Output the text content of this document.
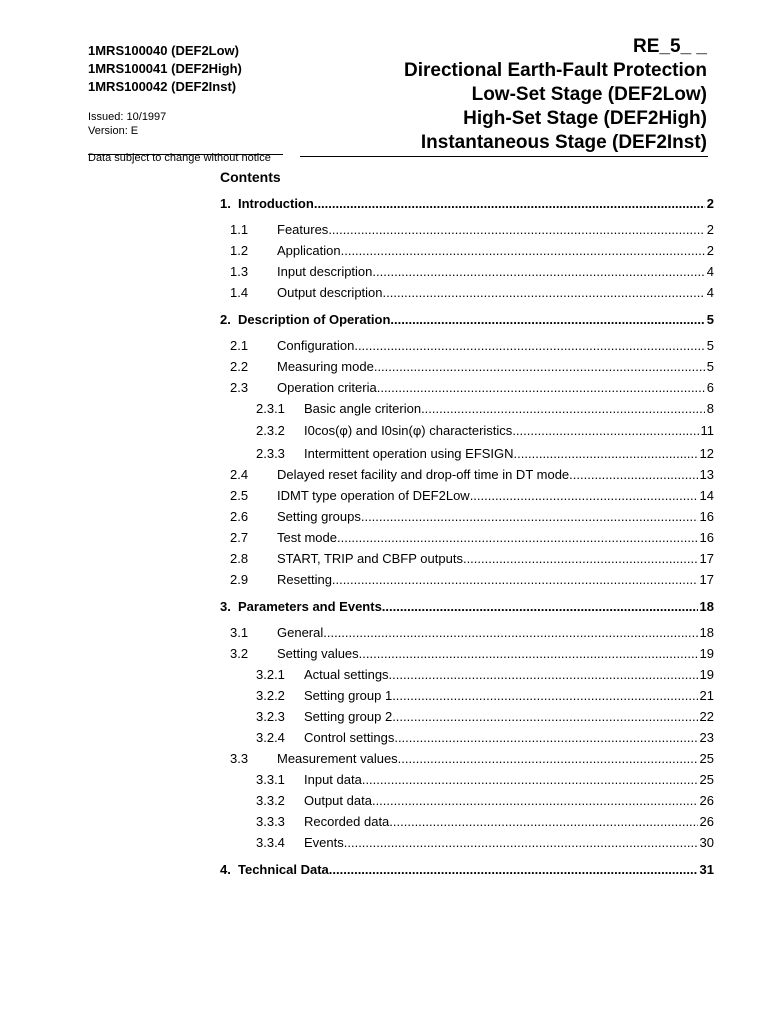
1MRS100040 (DEF2Low)
1MRS100041 (DEF2High)
1MRS100042 (DEF2Inst)
Issued: 10/1997
Version: E
Data subject to change without notice
RE_5_ _
Directional Earth-Fault Protection
Low-Set Stage (DEF2Low)
High-Set Stage (DEF2High)
Instantaneous Stage (DEF2Inst)
Contents
1. Introduction .....	2
1.1	Features .....	2
1.2	Application .....	2
1.3	Input description .....	4
1.4	Output description .....	4
2. Description of Operation .....	5
2.1	Configuration .....	5
2.2	Measuring mode .....	5
2.3	Operation criteria .....	6
2.3.1	Basic angle criterion .....	8
2.3.2	I0cos(φ) and I0sin(φ) characteristics .....	11
2.3.3	Intermittent operation using EFSIGN .....	12
2.4	Delayed reset facility and drop-off time in DT mode .....	13
2.5	IDMT type operation of DEF2Low .....	14
2.6	Setting groups .....	16
2.7	Test mode .....	16
2.8	START, TRIP and CBFP outputs .....	17
2.9	Resetting .....	17
3. Parameters and Events .....	18
3.1	General .....	18
3.2	Setting values .....	19
3.2.1	Actual settings .....	19
3.2.2	Setting group 1 .....	21
3.2.3	Setting group 2 .....	22
3.2.4	Control settings .....	23
3.3	Measurement values .....	25
3.3.1	Input data .....	25
3.3.2	Output data .....	26
3.3.3	Recorded data .....	26
3.3.4	Events .....	30
4. Technical Data .....	31
